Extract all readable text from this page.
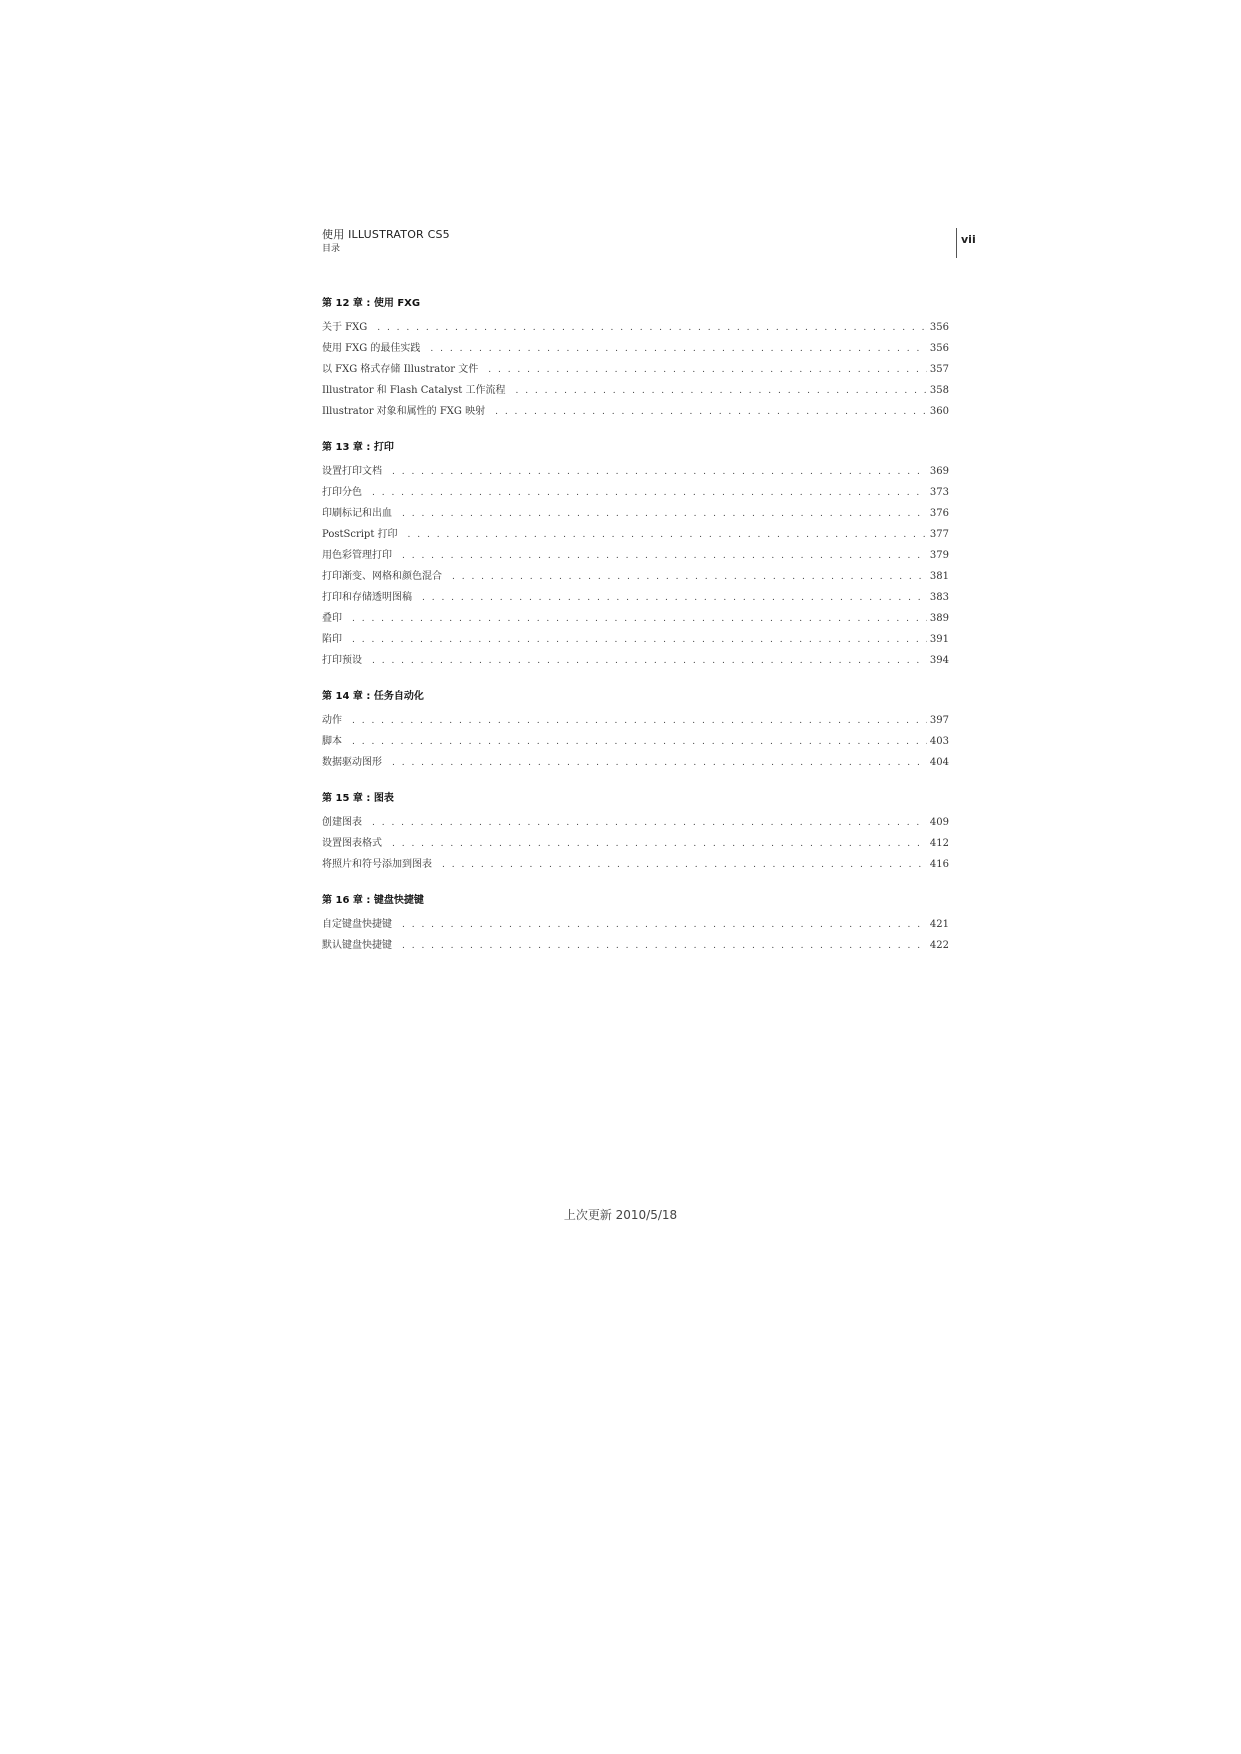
使用 ILLUSTRATOR CS5
目录
vii
第 12 章 : 使用 FXG
关于 FXG . . .	356
使用 FXG 的最佳实践 . . .	356
以 FXG 格式存储 Illustrator 文件 . . .	357
Illustrator 和 Flash Catalyst 工作流程 . . .	358
Illustrator 对象和属性的 FXG 映射 . . .	360
第 13 章 : 打印
设置打印文档 . . .	369
打印分色 . . .	373
印刷标记和出血 . . .	376
PostScript 打印 . . .	377
用色彩管理打印 . . .	379
打印渐变、网格和颜色混合 . . .	381
打印和存储透明图稿 . . .	383
叠印 . . .	389
陷印 . . .	391
打印预设 . . .	394
第 14 章 : 任务自动化
动作 . . .	397
脚本 . . .	403
数据驱动图形 . . .	404
第 15 章 : 图表
创建图表 . . .	409
设置图表格式 . . .	412
将照片和符号添加到图表 . . .	416
第 16 章 : 键盘快捷键
自定键盘快捷键 . . .	421
默认键盘快捷键 . . .	422
上次更新 2010/5/18
